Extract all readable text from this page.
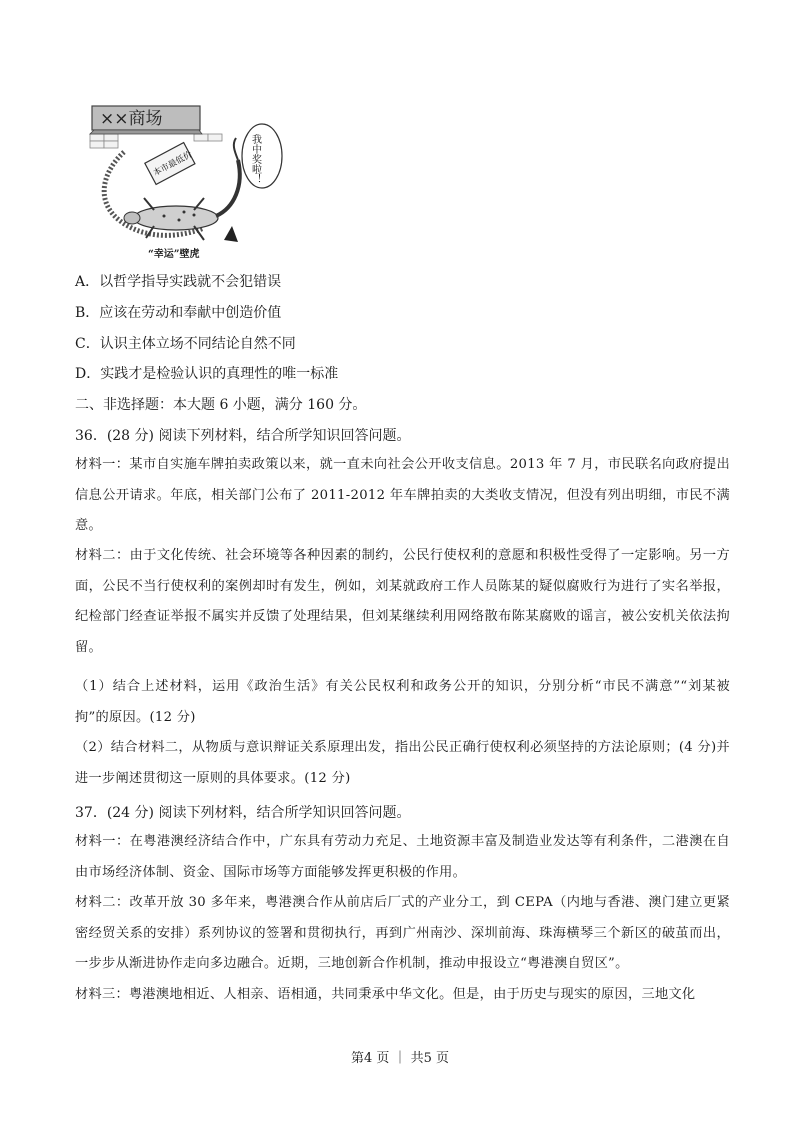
××商场
本市最低价	我中奖啦！
“幸运”壁虎
A．以哲学指导实践就不会犯错误
B．应该在劳动和奉献中创造价值
C．认识主体立场不同结论自然不同
D．实践才是检验认识的真理性的唯一标准
二、非选择题：本大题 6 小题，满分 160 分。
36．(28 分) 阅读下列材料，结合所学知识回答问题。
材料一：某市自实施车牌拍卖政策以来，就一直未向社会公开收支信息。2013 年 7 月，市民联名向政府提出信息公开请求。年底，相关部门公布了 2011-2012 年车牌拍卖的大类收支情况，但没有列出明细，市民不满意。
材料二：由于文化传统、社会环境等各种因素的制约，公民行使权利的意愿和积极性受得了一定影响。另一方面，公民不当行使权利的案例却时有发生，例如，刘某就政府工作人员陈某的疑似腐败行为进行了实名举报，纪检部门经查证举报不属实并反馈了处理结果，但刘某继续利用网络散布陈某腐败的谣言，被公安机关依法拘留。
（1）结合上述材料，运用《政治生活》有关公民权利和政务公开的知识，分别分析“市民不满意”“刘某被拘”的原因。(12 分)
（2）结合材料二，从物质与意识辩证关系原理出发，指出公民正确行使权利必须坚持的方法论原则；(4 分)并进一步阐述贯彻这一原则的具体要求。(12 分)
37．(24 分) 阅读下列材料，结合所学知识回答问题。
材料一：在粤港澳经济结合作中，广东具有劳动力充足、土地资源丰富及制造业发达等有利条件，二港澳在自由市场经济体制、资金、国际市场等方面能够发挥更积极的作用。
材料二：改革开放 30 多年来，粤港澳合作从前店后厂式的产业分工，到 CEPA（内地与香港、澳门建立更紧密经贸关系的安排）系列协议的签署和贯彻执行，再到广州南沙、深圳前海、珠海横琴三个新区的破茧而出，一步步从渐进协作走向多边融合。近期，三地创新合作机制，推动申报设立“粤港澳自贸区”。
材料三：粤港澳地相近、人相亲、语相通，共同秉承中华文化。但是，由于历史与现实的原因，三地文化
第4 页 ｜ 共5 页
